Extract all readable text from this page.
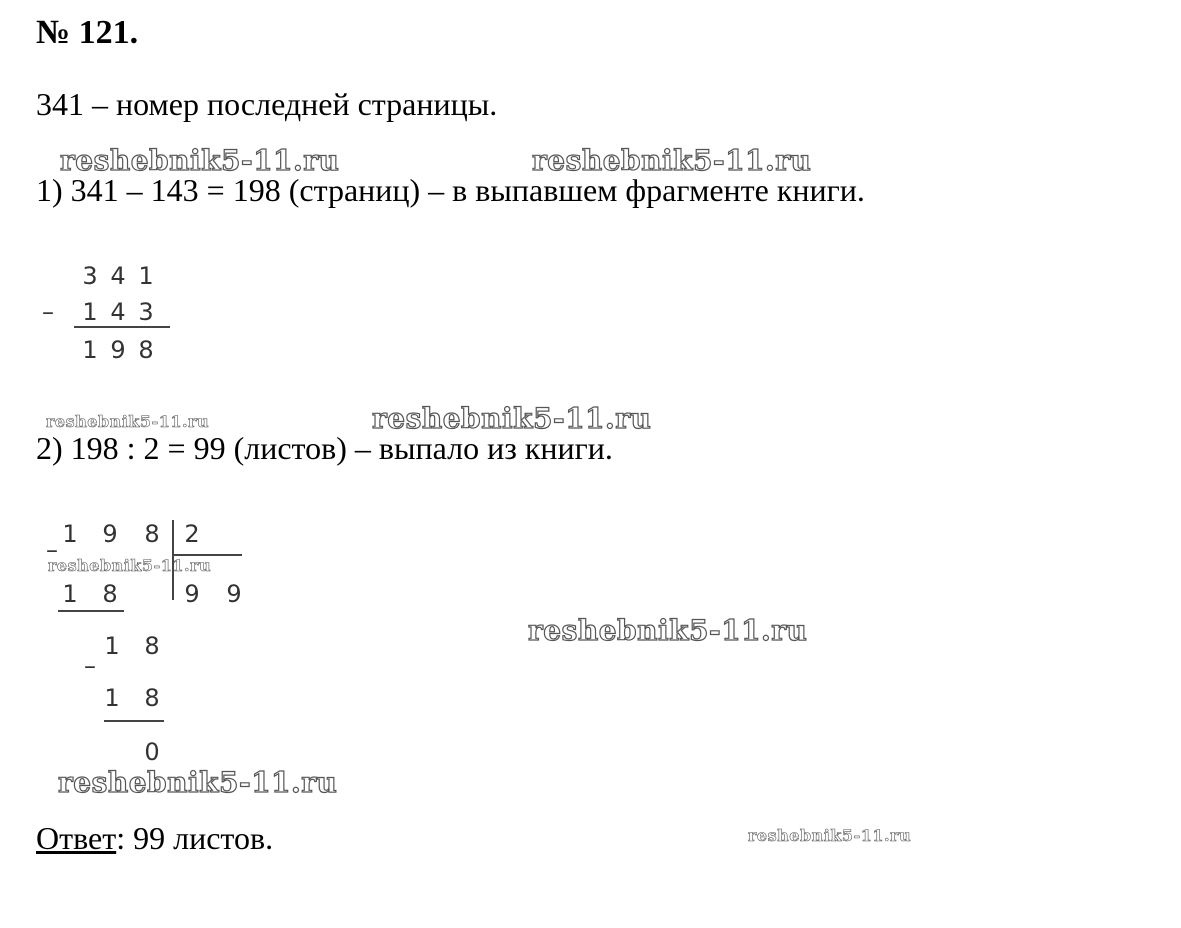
№ 121.
341 – номер последней страницы.
reshebnik5-11.ru	reshebnik5-11.ru
1) 341 – 143 = 198 (страниц) – в выпавшем фрагменте книги.
3 4 1
– 1 4 3
1 9 8
reshebnik5-11.ru	reshebnik5-11.ru
2) 198 : 2 = 99 (листов) – выпало из книги.
1 9 8 2
–
1 8	9 9
1 8
–
1 8
0
reshebnik5-11.ru
reshebnik5-11.ru
reshebnik5-11.ru
Ответ: 99 листов.	reshebnik5-11.ru
